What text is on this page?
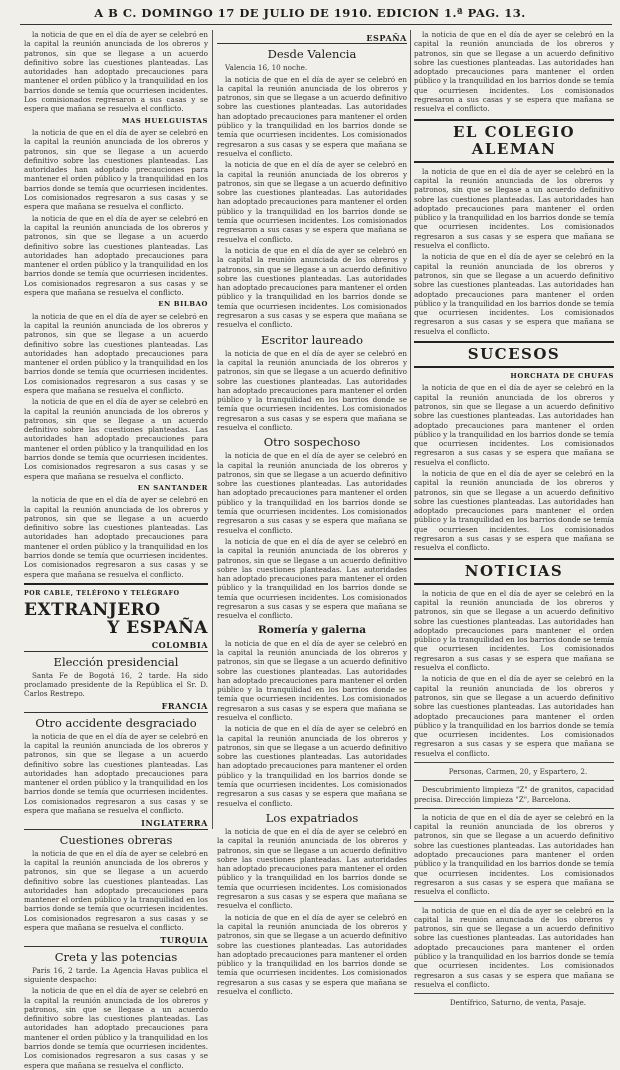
A B C. DOMINGO 17 DE JULIO DE 1910. EDICION 1.ª PAG. 13.

la noticia de que en el día de ayer se celebró en la capital la reunión anunciada de los obreros y patronos, sin que se llegase a un acuerdo definitivo sobre las cuestiones planteadas. Las autoridades han adoptado precauciones para mantener el orden público y la tranquilidad en los barrios donde se temía que ocurriesen incidentes. Los comisionados regresaron a sus casas y se espera que mañana se resuelva el conflicto.

MAS HUELGUISTAS

la noticia de que en el día de ayer se celebró en la capital la reunión anunciada de los obreros y patronos, sin que se llegase a un acuerdo definitivo sobre las cuestiones planteadas. Las autoridades han adoptado precauciones para mantener el orden público y la tranquilidad en los barrios donde se temía que ocurriesen incidentes. Los comisionados regresaron a sus casas y se espera que mañana se resuelva el conflicto.

la noticia de que en el día de ayer se celebró en la capital la reunión anunciada de los obreros y patronos, sin que se llegase a un acuerdo definitivo sobre las cuestiones planteadas. Las autoridades han adoptado precauciones para mantener el orden público y la tranquilidad en los barrios donde se temía que ocurriesen incidentes. Los comisionados regresaron a sus casas y se espera que mañana se resuelva el conflicto.

EN BILBAO

la noticia de que en el día de ayer se celebró en la capital la reunión anunciada de los obreros y patronos, sin que se llegase a un acuerdo definitivo sobre las cuestiones planteadas. Las autoridades han adoptado precauciones para mantener el orden público y la tranquilidad en los barrios donde se temía que ocurriesen incidentes. Los comisionados regresaron a sus casas y se espera que mañana se resuelva el conflicto.

la noticia de que en el día de ayer se celebró en la capital la reunión anunciada de los obreros y patronos, sin que se llegase a un acuerdo definitivo sobre las cuestiones planteadas. Las autoridades han adoptado precauciones para mantener el orden público y la tranquilidad en los barrios donde se temía que ocurriesen incidentes. Los comisionados regresaron a sus casas y se espera que mañana se resuelva el conflicto.

EN SANTANDER

la noticia de que en el día de ayer se celebró en la capital la reunión anunciada de los obreros y patronos, sin que se llegase a un acuerdo definitivo sobre las cuestiones planteadas. Las autoridades han adoptado precauciones para mantener el orden público y la tranquilidad en los barrios donde se temía que ocurriesen incidentes. Los comisionados regresaron a sus casas y se espera que mañana se resuelva el conflicto.

POR CABLE, TELÉFONO Y TELÉGRAFO
EXTRANJERO
Y ESPAÑA
COLOMBIA
Elección presidencial

Santa Fe de Bogotá 16, 2 tarde. Ha sido proclamado presidente de la República el Sr. D. Carlos Restrepo.

FRANCIA
Otro accidente desgraciado

la noticia de que en el día de ayer se celebró en la capital la reunión anunciada de los obreros y patronos, sin que se llegase a un acuerdo definitivo sobre las cuestiones planteadas. Las autoridades han adoptado precauciones para mantener el orden público y la tranquilidad en los barrios donde se temía que ocurriesen incidentes. Los comisionados regresaron a sus casas y se espera que mañana se resuelva el conflicto.

INGLATERRA
Cuestiones obreras

la noticia de que en el día de ayer se celebró en la capital la reunión anunciada de los obreros y patronos, sin que se llegase a un acuerdo definitivo sobre las cuestiones planteadas. Las autoridades han adoptado precauciones para mantener el orden público y la tranquilidad en los barrios donde se temía que ocurriesen incidentes. Los comisionados regresaron a sus casas y se espera que mañana se resuelva el conflicto.

TURQUIA
Creta y las potencias

Paris 16, 2 tarde. La Agencia Havas publica el siguiente despacho:

la noticia de que en el día de ayer se celebró en la capital la reunión anunciada de los obreros y patronos, sin que se llegase a un acuerdo definitivo sobre las cuestiones planteadas. Las autoridades han adoptado precauciones para mantener el orden público y la tranquilidad en los barrios donde se temía que ocurriesen incidentes. Los comisionados regresaron a sus casas y se espera que mañana se resuelva el conflicto.

ESPAÑA
Desde Valencia

Valencia 16, 10 noche.

la noticia de que en el día de ayer se celebró en la capital la reunión anunciada de los obreros y patronos, sin que se llegase a un acuerdo definitivo sobre las cuestiones planteadas. Las autoridades han adoptado precauciones para mantener el orden público y la tranquilidad en los barrios donde se temía que ocurriesen incidentes. Los comisionados regresaron a sus casas y se espera que mañana se resuelva el conflicto.

la noticia de que en el día de ayer se celebró en la capital la reunión anunciada de los obreros y patronos, sin que se llegase a un acuerdo definitivo sobre las cuestiones planteadas. Las autoridades han adoptado precauciones para mantener el orden público y la tranquilidad en los barrios donde se temía que ocurriesen incidentes. Los comisionados regresaron a sus casas y se espera que mañana se resuelva el conflicto.

la noticia de que en el día de ayer se celebró en la capital la reunión anunciada de los obreros y patronos, sin que se llegase a un acuerdo definitivo sobre las cuestiones planteadas. Las autoridades han adoptado precauciones para mantener el orden público y la tranquilidad en los barrios donde se temía que ocurriesen incidentes. Los comisionados regresaron a sus casas y se espera que mañana se resuelva el conflicto.

Escritor laureado

la noticia de que en el día de ayer se celebró en la capital la reunión anunciada de los obreros y patronos, sin que se llegase a un acuerdo definitivo sobre las cuestiones planteadas. Las autoridades han adoptado precauciones para mantener el orden público y la tranquilidad en los barrios donde se temía que ocurriesen incidentes. Los comisionados regresaron a sus casas y se espera que mañana se resuelva el conflicto.

Otro sospechoso

la noticia de que en el día de ayer se celebró en la capital la reunión anunciada de los obreros y patronos, sin que se llegase a un acuerdo definitivo sobre las cuestiones planteadas. Las autoridades han adoptado precauciones para mantener el orden público y la tranquilidad en los barrios donde se temía que ocurriesen incidentes. Los comisionados regresaron a sus casas y se espera que mañana se resuelva el conflicto.

la noticia de que en el día de ayer se celebró en la capital la reunión anunciada de los obreros y patronos, sin que se llegase a un acuerdo definitivo sobre las cuestiones planteadas. Las autoridades han adoptado precauciones para mantener el orden público y la tranquilidad en los barrios donde se temía que ocurriesen incidentes. Los comisionados regresaron a sus casas y se espera que mañana se resuelva el conflicto.

Romería y galerna

la noticia de que en el día de ayer se celebró en la capital la reunión anunciada de los obreros y patronos, sin que se llegase a un acuerdo definitivo sobre las cuestiones planteadas. Las autoridades han adoptado precauciones para mantener el orden público y la tranquilidad en los barrios donde se temía que ocurriesen incidentes. Los comisionados regresaron a sus casas y se espera que mañana se resuelva el conflicto.

la noticia de que en el día de ayer se celebró en la capital la reunión anunciada de los obreros y patronos, sin que se llegase a un acuerdo definitivo sobre las cuestiones planteadas. Las autoridades han adoptado precauciones para mantener el orden público y la tranquilidad en los barrios donde se temía que ocurriesen incidentes. Los comisionados regresaron a sus casas y se espera que mañana se resuelva el conflicto.

Los expatriados

la noticia de que en el día de ayer se celebró en la capital la reunión anunciada de los obreros y patronos, sin que se llegase a un acuerdo definitivo sobre las cuestiones planteadas. Las autoridades han adoptado precauciones para mantener el orden público y la tranquilidad en los barrios donde se temía que ocurriesen incidentes. Los comisionados regresaron a sus casas y se espera que mañana se resuelva el conflicto.

la noticia de que en el día de ayer se celebró en la capital la reunión anunciada de los obreros y patronos, sin que se llegase a un acuerdo definitivo sobre las cuestiones planteadas. Las autoridades han adoptado precauciones para mantener el orden público y la tranquilidad en los barrios donde se temía que ocurriesen incidentes. Los comisionados regresaron a sus casas y se espera que mañana se resuelva el conflicto.

la noticia de que en el día de ayer se celebró en la capital la reunión anunciada de los obreros y patronos, sin que se llegase a un acuerdo definitivo sobre las cuestiones planteadas. Las autoridades han adoptado precauciones para mantener el orden público y la tranquilidad en los barrios donde se temía que ocurriesen incidentes. Los comisionados regresaron a sus casas y se espera que mañana se resuelva el conflicto.

EL COLEGIO ALEMAN

la noticia de que en el día de ayer se celebró en la capital la reunión anunciada de los obreros y patronos, sin que se llegase a un acuerdo definitivo sobre las cuestiones planteadas. Las autoridades han adoptado precauciones para mantener el orden público y la tranquilidad en los barrios donde se temía que ocurriesen incidentes. Los comisionados regresaron a sus casas y se espera que mañana se resuelva el conflicto.

la noticia de que en el día de ayer se celebró en la capital la reunión anunciada de los obreros y patronos, sin que se llegase a un acuerdo definitivo sobre las cuestiones planteadas. Las autoridades han adoptado precauciones para mantener el orden público y la tranquilidad en los barrios donde se temía que ocurriesen incidentes. Los comisionados regresaron a sus casas y se espera que mañana se resuelva el conflicto.

SUCESOS
HORCHATA DE CHUFAS

la noticia de que en el día de ayer se celebró en la capital la reunión anunciada de los obreros y patronos, sin que se llegase a un acuerdo definitivo sobre las cuestiones planteadas. Las autoridades han adoptado precauciones para mantener el orden público y la tranquilidad en los barrios donde se temía que ocurriesen incidentes. Los comisionados regresaron a sus casas y se espera que mañana se resuelva el conflicto.

la noticia de que en el día de ayer se celebró en la capital la reunión anunciada de los obreros y patronos, sin que se llegase a un acuerdo definitivo sobre las cuestiones planteadas. Las autoridades han adoptado precauciones para mantener el orden público y la tranquilidad en los barrios donde se temía que ocurriesen incidentes. Los comisionados regresaron a sus casas y se espera que mañana se resuelva el conflicto.

NOTICIAS

la noticia de que en el día de ayer se celebró en la capital la reunión anunciada de los obreros y patronos, sin que se llegase a un acuerdo definitivo sobre las cuestiones planteadas. Las autoridades han adoptado precauciones para mantener el orden público y la tranquilidad en los barrios donde se temía que ocurriesen incidentes. Los comisionados regresaron a sus casas y se espera que mañana se resuelva el conflicto.

la noticia de que en el día de ayer se celebró en la capital la reunión anunciada de los obreros y patronos, sin que se llegase a un acuerdo definitivo sobre las cuestiones planteadas. Las autoridades han adoptado precauciones para mantener el orden público y la tranquilidad en los barrios donde se temía que ocurriesen incidentes. Los comisionados regresaron a sus casas y se espera que mañana se resuelva el conflicto.

Personas, Carmen, 20, y Espartero, 2.

Descubrimiento limpieza "Z" de granitos, capacidad precisa. Dirección limpieza "Z", Barcelona.

la noticia de que en el día de ayer se celebró en la capital la reunión anunciada de los obreros y patronos, sin que se llegase a un acuerdo definitivo sobre las cuestiones planteadas. Las autoridades han adoptado precauciones para mantener el orden público y la tranquilidad en los barrios donde se temía que ocurriesen incidentes. Los comisionados regresaron a sus casas y se espera que mañana se resuelva el conflicto.

la noticia de que en el día de ayer se celebró en la capital la reunión anunciada de los obreros y patronos, sin que se llegase a un acuerdo definitivo sobre las cuestiones planteadas. Las autoridades han adoptado precauciones para mantener el orden público y la tranquilidad en los barrios donde se temía que ocurriesen incidentes. Los comisionados regresaron a sus casas y se espera que mañana se resuelva el conflicto.

Dentífrico, Saturno, de venta, Pasaje.
